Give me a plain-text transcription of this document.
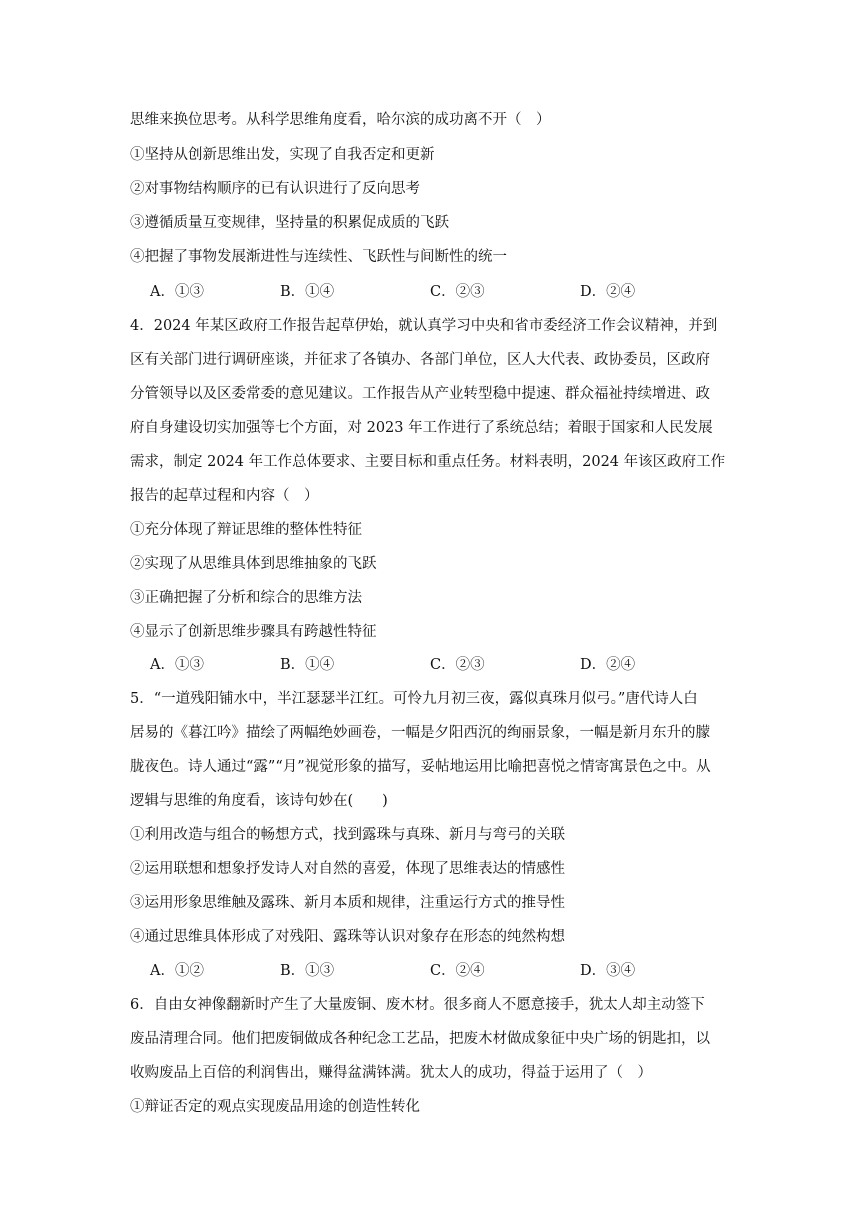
思维来换位思考。从科学思维角度看，哈尔滨的成功离不开（　）
①坚持从创新思维出发，实现了自我否定和更新
②对事物结构顺序的已有认识进行了反向思考
③遵循质量互变规律，坚持量的积累促成质的飞跃
④把握了事物发展渐进性与连续性、飞跃性与间断性的统一
A．①③	B．①④	C．②③	D．②④
4．2024 年某区政府工作报告起草伊始，就认真学习中央和省市委经济工作会议精神，并到
区有关部门进行调研座谈，并征求了各镇办、各部门单位，区人大代表、政协委员，区政府
分管领导以及区委常委的意见建议。工作报告从产业转型稳中提速、群众福祉持续增进、政
府自身建设切实加强等七个方面，对 2023 年工作进行了系统总结；着眼于国家和人民发展
需求，制定 2024 年工作总体要求、主要目标和重点任务。材料表明，2024 年该区政府工作
报告的起草过程和内容（　）
①充分体现了辩证思维的整体性特征
②实现了从思维具体到思维抽象的飞跃
③正确把握了分析和综合的思维方法
④显示了创新思维步骤具有跨越性特征
A．①③	B．①④	C．②③	D．②④
5．“一道残阳铺水中，半江瑟瑟半江红。可怜九月初三夜，露似真珠月似弓。”唐代诗人白
居易的《暮江吟》描绘了两幅绝妙画卷，一幅是夕阳西沉的绚丽景象，一幅是新月东升的朦
胧夜色。诗人通过“露”“月”视觉形象的描写，妥帖地运用比喻把喜悦之情寄寓景色之中。从
逻辑与思维的角度看，该诗句妙在(　　)
①利用改造与组合的畅想方式，找到露珠与真珠、新月与弯弓的关联
②运用联想和想象抒发诗人对自然的喜爱，体现了思维表达的情感性
③运用形象思维触及露珠、新月本质和规律，注重运行方式的推导性
④通过思维具体形成了对残阳、露珠等认识对象存在形态的纯然构想
A．①②	B．①③	C．②④	D．③④
6．自由女神像翻新时产生了大量废铜、废木材。很多商人不愿意接手，犹太人却主动签下
废品清理合同。他们把废铜做成各种纪念工艺品，把废木材做成象征中央广场的钥匙扣，以
收购废品上百倍的利润售出，赚得盆满钵满。犹太人的成功，得益于运用了（　）
①辩证否定的观点实现废品用途的创造性转化
